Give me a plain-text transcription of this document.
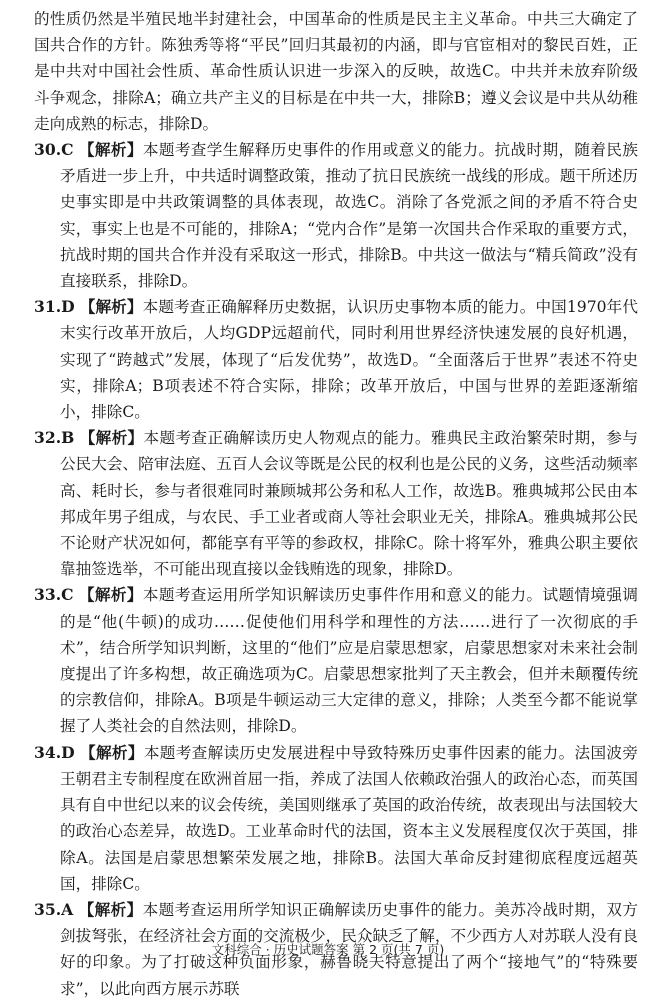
的性质仍然是半殖民地半封建社会，中国革命的性质是民主主义革命。中共三大确定了国共合作的方针。陈独秀等将“平民”回归其最初的内涵，即与官宦相对的黎民百姓，正是中共对中国社会性质、革命性质认识进一步深入的反映，故选C。中共并未放弃阶级斗争观念，排除A；确立共产主义的目标是在中共一大，排除B；遵义会议是中共从幼稚走向成熟的标志，排除D。

30.C 【解析】本题考查学生解释历史事件的作用或意义的能力。抗战时期，随着民族矛盾进一步上升，中共适时调整政策，推动了抗日民族统一战线的形成。题干所述历史事实即是中共政策调整的具体表现，故选C。消除了各党派之间的矛盾不符合史实，事实上也是不可能的，排除A；“党内合作”是第一次国共合作采取的重要方式，抗战时期的国共合作并没有采取这一形式，排除B。中共这一做法与“精兵简政”没有直接联系，排除D。

31.D 【解析】本题考查正确解释历史数据，认识历史事物本质的能力。中国1970年代末实行改革开放后，人均GDP远超前代，同时利用世界经济快速发展的良好机遇，实现了“跨越式”发展，体现了“后发优势”，故选D。“全面落后于世界”表述不符史实，排除A；B项表述不符合实际，排除；改革开放后，中国与世界的差距逐渐缩小，排除C。

32.B 【解析】本题考查正确解读历史人物观点的能力。雅典民主政治繁荣时期，参与公民大会、陪审法庭、五百人会议等既是公民的权利也是公民的义务，这些活动频率高、耗时长，参与者很难同时兼顾城邦公务和私人工作，故选B。雅典城邦公民由本邦成年男子组成，与农民、手工业者或商人等社会职业无关，排除A。雅典城邦公民不论财产状况如何，都能享有平等的参政权，排除C。除十将军外，雅典公职主要依靠抽签选举，不可能出现直接以金钱贿选的现象，排除D。

33.C 【解析】本题考查运用所学知识解读历史事件作用和意义的能力。试题情境强调的是“他(牛顿)的成功……促使他们用科学和理性的方法……进行了一次彻底的手术”，结合所学知识判断，这里的“他们”应是启蒙思想家，启蒙思想家对未来社会制度提出了许多构想，故正确选项为C。启蒙思想家批判了天主教会，但并未颠覆传统的宗教信仰，排除A。B项是牛顿运动三大定律的意义，排除；人类至今都不能说掌握了人类社会的自然法则，排除D。

34.D 【解析】本题考查解读历史发展进程中导致特殊历史事件因素的能力。法国波旁王朝君主专制程度在欧洲首屈一指，养成了法国人依赖政治强人的政治心态，而英国具有自中世纪以来的议会传统，美国则继承了英国的政治传统，故表现出与法国较大的政治心态差异，故选D。工业革命时代的法国，资本主义发展程度仅次于英国，排除A。法国是启蒙思想繁荣发展之地，排除B。法国大革命反封建彻底程度远超英国，排除C。

35.A 【解析】本题考查运用所学知识正确解读历史事件的能力。美苏冷战时期，双方剑拔弩张，在经济社会方面的交流极少，民众缺乏了解，不少西方人对苏联人没有良好的印象。为了打破这种负面形象，赫鲁晓夫特意提出了两个“接地气”的“特殊要求”，以此向西方展示苏联

文科综合 · 历史试题答案 第 2 页(共 7 页)
